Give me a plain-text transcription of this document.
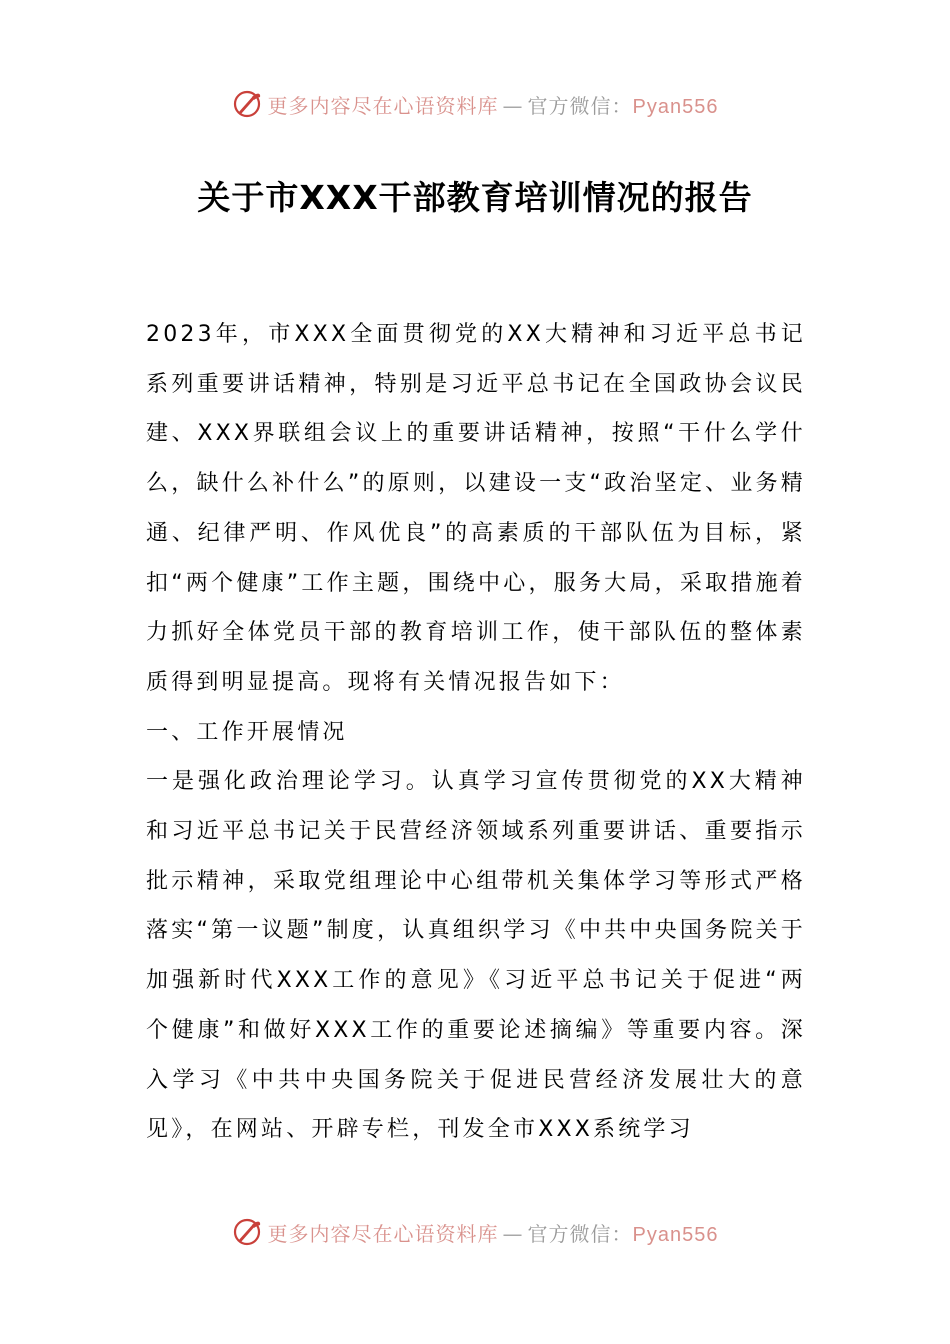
更多内容尽在心语资料库 — 官方微信：Pyan556
关于市XXX干部教育培训情况的报告

2023年，市XXX全面贯彻党的XX大精神和习近平总书记系列重要讲话精神，特别是习近平总书记在全国政协会议民建、XXX界联组会议上的重要讲话精神，按照“干什么学什么，缺什么补什么”的原则，以建设一支“政治坚定、业务精通、纪律严明、作风优良”的高素质的干部队伍为目标，紧扣“两个健康”工作主题，围绕中心，服务大局，采取措施着力抓好全体党员干部的教育培训工作，使干部队伍的整体素质得到明显提高。现将有关情况报告如下：

一、工作开展情况

一是强化政治理论学习。认真学习宣传贯彻党的XX大精神和习近平总书记关于民营经济领域系列重要讲话、重要指示批示精神，采取党组理论中心组带机关集体学习等形式严格落实“第一议题”制度，认真组织学习《中共中央国务院关于加强新时代XXX工作的意见》《习近平总书记关于促进“两个健康”和做好XXX工作的重要论述摘编》等重要内容。深入学习《中共中央国务院关于促进民营经济发展壮大的意见》，在网站、开辟专栏，刊发全市XXX系统学习

更多内容尽在心语资料库 — 官方微信：Pyan556
